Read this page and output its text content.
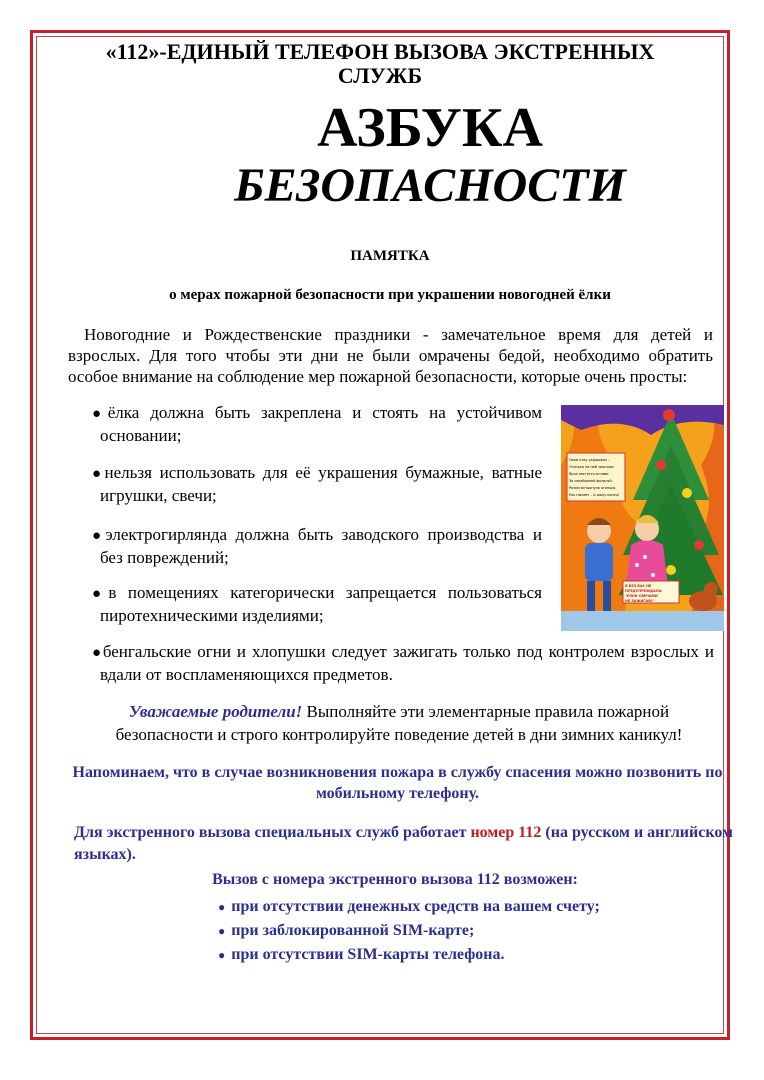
«112»-ЕДИНЫЙ ТЕЛЕФОН ВЫЗОВА ЭКСТРЕННЫХ
СЛУЖБ
АЗБУКА
БЕЗОПАСНОСТИ
ПАМЯТКА
о мерах пожарной безопасности при украшении новогодней ёлки
Новогодние и Рождественские праздники - замечательное время для детей и взрослых. Для того чтобы эти дни не были омрачены бедой, необходимо обратить особое внимание на соблюдение мер пожарной безопасности, которые очень просты:
●ёлка должна быть закреплена и стоять на устойчивом основании;
●нельзя использовать для её украшения бумажные, ватные игрушки, свечи;
●электрогирлянда должна быть заводского производства и без повреждений;
●в помещениях категорически запрещается пользоваться пиротехническими изделиями;
●бенгальские огни и хлопушки следует зажигать только под контролем взрослых и вдали от воспламеняющихся предметов.
Свою елку украшаем – Огоньки на ней зажгаем. Ярче светятся огнями За серебряной фольгой. Разом вспыхнула огонька. Ель пылает – и шалу конец!
Я БЕЗ ВАС НЕ ПРЕДУПРЕЖДАЛА: "ЕЛОК СВЕЧАМИ НЕ ЗАЖИГАЙ!"
Уважаемые родители! Выполняйте эти элементарные правила пожарной безопасности и строго контролируйте поведение детей в дни зимних каникул!
Напоминаем, что в случае возникновения пожара в службу спасения можно позвонить по мобильному телефону.
Для экстренного вызова специальных служб работает номер 112 (на русском и английском языках).
Вызов с номера экстренного вызова 112 возможен:
● при отсутствии денежных средств на вашем счету;
● при заблокированной SIM-карте;
● при отсутствии SIM-карты телефона.
